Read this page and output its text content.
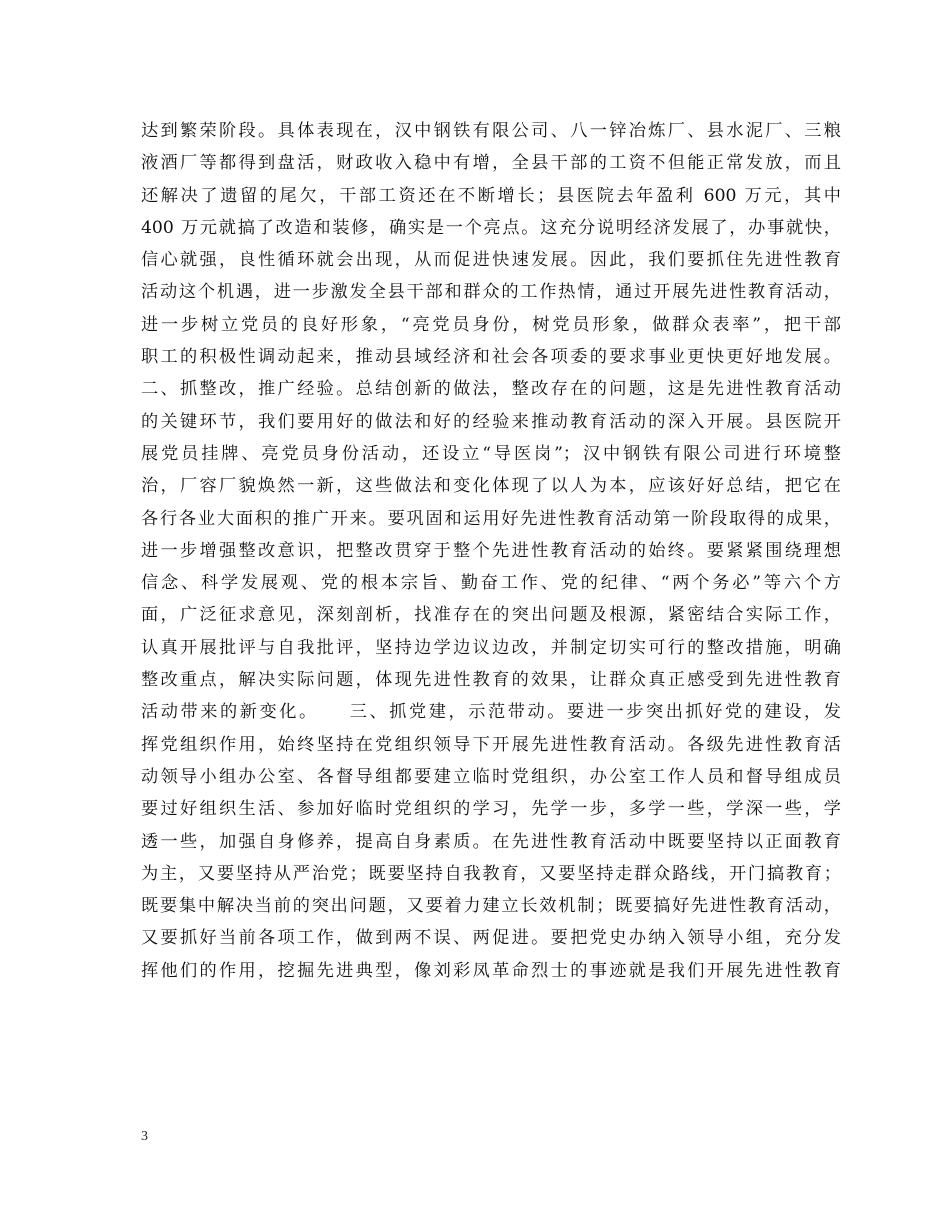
达到繁荣阶段。具体表现在，汉中钢铁有限公司、八一锌冶炼厂、县水泥厂、三粮
液酒厂等都得到盘活，财政收入稳中有增，全县干部的工资不但能正常发放，而且
还解决了遗留的尾欠，干部工资还在不断增长；县医院去年盈利 600 万元，其中
400 万元就搞了改造和装修，确实是一个亮点。这充分说明经济发展了，办事就快，
信心就强，良性循环就会出现，从而促进快速发展。因此，我们要抓住先进性教育
活动这个机遇，进一步激发全县干部和群众的工作热情，通过开展先进性教育活动，
进一步树立党员的良好形象，“亮党员身份，树党员形象，做群众表率”，把干部
职工的积极性调动起来，推动县域经济和社会各项委的要求事业更快更好地发展。
二、抓整改，推广经验。总结创新的做法，整改存在的问题，这是先进性教育活动
的关键环节，我们要用好的做法和好的经验来推动教育活动的深入开展。县医院开
展党员挂牌、亮党员身份活动，还设立“导医岗”；汉中钢铁有限公司进行环境整
治，厂容厂貌焕然一新，这些做法和变化体现了以人为本，应该好好总结，把它在
各行各业大面积的推广开来。要巩固和运用好先进性教育活动第一阶段取得的成果，
进一步增强整改意识，把整改贯穿于整个先进性教育活动的始终。要紧紧围绕理想
信念、科学发展观、党的根本宗旨、勤奋工作、党的纪律、“两个务必”等六个方
面，广泛征求意见，深刻剖析，找准存在的突出问题及根源，紧密结合实际工作，
认真开展批评与自我批评，坚持边学边议边改，并制定切实可行的整改措施，明确
整改重点，解决实际问题，体现先进性教育的效果，让群众真正感受到先进性教育
活动带来的新变化。　　三、抓党建，示范带动。要进一步突出抓好党的建设，发
挥党组织作用，始终坚持在党组织领导下开展先进性教育活动。各级先进性教育活
动领导小组办公室、各督导组都要建立临时党组织，办公室工作人员和督导组成员
要过好组织生活、参加好临时党组织的学习，先学一步，多学一些，学深一些，学
透一些，加强自身修养，提高自身素质。在先进性教育活动中既要坚持以正面教育
为主，又要坚持从严治党；既要坚持自我教育，又要坚持走群众路线，开门搞教育；
既要集中解决当前的突出问题，又要着力建立长效机制；既要搞好先进性教育活动，
又要抓好当前各项工作，做到两不误、两促进。要把党史办纳入领导小组，充分发
挥他们的作用，挖掘先进典型，像刘彩凤革命烈士的事迹就是我们开展先进性教育
3
